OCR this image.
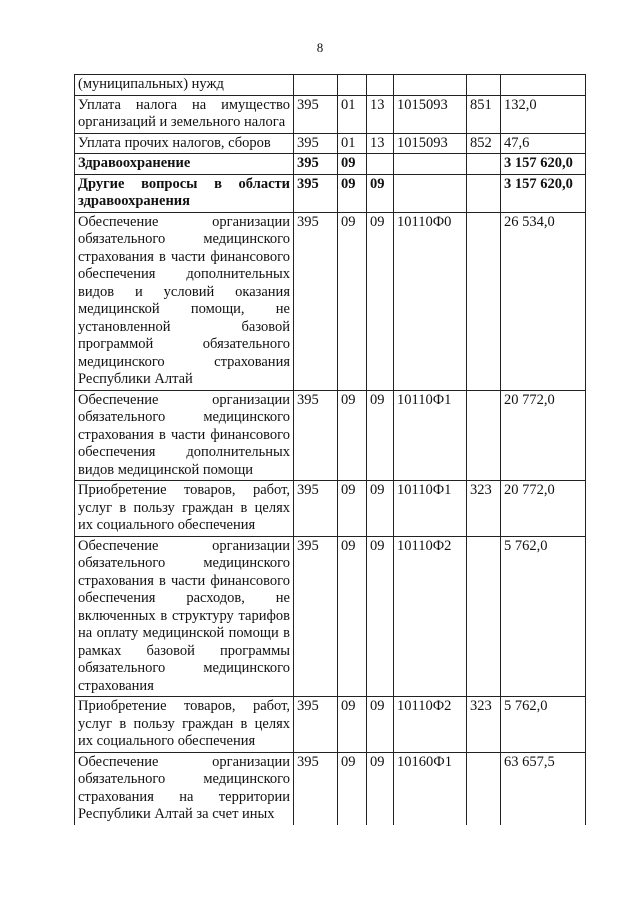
8
(муниципальных) нужд						
Уплата налога на имущество организаций и земельного налога	395	01	13	1015093	851	132,0
Уплата прочих налогов, сборов	395	01	13	1015093	852	47,6
Здравоохранение	395	09				3 157 620,0
Другие вопросы в области здравоохранения	395	09	09			3 157 620,0
Обеспечение организации обязательного медицинского страхования в части финансового обеспечения дополнительных видов и условий оказания медицинской помощи, не установленной базовой программой обязательного медицинского страхования Республики Алтай	395	09	09	10110Ф0		26 534,0
Обеспечение организации обязательного медицинского страхования в части финансового обеспечения дополнительных видов медицинской помощи	395	09	09	10110Ф1		20 772,0
Приобретение товаров, работ, услуг в пользу граждан в целях их социального обеспечения	395	09	09	10110Ф1	323	20 772,0
Обеспечение организации обязательного медицинского страхования в части финансового обеспечения расходов, не включенных в структуру тарифов на оплату медицинской помощи в рамках базовой программы обязательного медицинского страхования	395	09	09	10110Ф2		5 762,0
Приобретение товаров, работ, услуг в пользу граждан в целях их социального обеспечения	395	09	09	10110Ф2	323	5 762,0
Обеспечение организации обязательного медицинского страхования на территории Республики Алтай за счет иных	395	09	09	10160Ф1		63 657,5
